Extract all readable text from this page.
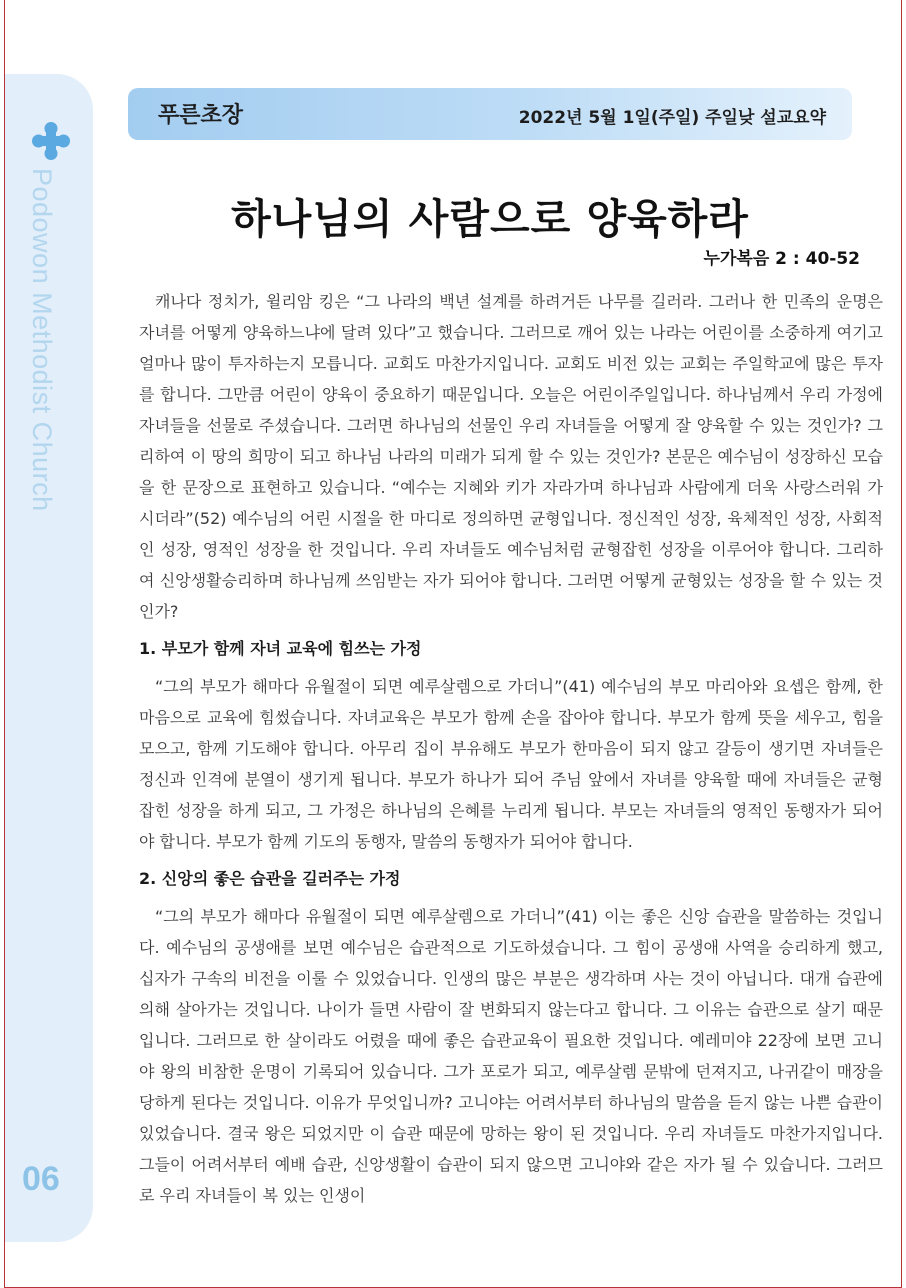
Podowon Methodist Church
06
푸른초장	2022년 5월 1일(주일) 주일낮 설교요약
하나님의 사람으로 양육하라
누가복음 2 : 40-52

캐나다 정치가, 윌리암 킹은 “그 나라의 백년 설계를 하려거든 나무를 길러라. 그러나 한 민족의 운명은 자녀를 어떻게 양육하느냐에 달려 있다”고 했습니다. 그러므로 깨어 있는 나라는 어린이를 소중하게 여기고 얼마나 많이 투자하는지 모릅니다. 교회도 마찬가지입니다. 교회도 비전 있는 교회는 주일학교에 많은 투자를 합니다. 그만큼 어린이 양육이 중요하기 때문입니다. 오늘은 어린이주일입니다. 하나님께서 우리 가정에 자녀들을 선물로 주셨습니다. 그러면 하나님의 선물인 우리 자녀들을 어떻게 잘 양육할 수 있는 것인가? 그리하여 이 땅의 희망이 되고 하나님 나라의 미래가 되게 할 수 있는 것인가? 본문은 예수님이 성장하신 모습을 한 문장으로 표현하고 있습니다. “예수는 지혜와 키가 자라가며 하나님과 사람에게 더욱 사랑스러워 가시더라”(52) 예수님의 어린 시절을 한 마디로 정의하면 균형입니다. 정신적인 성장, 육체적인 성장, 사회적인 성장, 영적인 성장을 한 것입니다. 우리 자녀들도 예수님처럼 균형잡힌 성장을 이루어야 합니다. 그리하여 신앙생활승리하며 하나님께 쓰임받는 자가 되어야 합니다. 그러면 어떻게 균형있는 성장을 할 수 있는 것인가?

1. 부모가 함께 자녀 교육에 힘쓰는 가정

“그의 부모가 해마다 유월절이 되면 예루살렘으로 가더니”(41) 예수님의 부모 마리아와 요셉은 함께, 한마음으로 교육에 힘썼습니다. 자녀교육은 부모가 함께 손을 잡아야 합니다. 부모가 함께 뜻을 세우고, 힘을 모으고, 함께 기도해야 합니다. 아무리 집이 부유해도 부모가 한마음이 되지 않고 갈등이 생기면 자녀들은 정신과 인격에 분열이 생기게 됩니다. 부모가 하나가 되어 주님 앞에서 자녀를 양육할 때에 자녀들은 균형 잡힌 성장을 하게 되고, 그 가정은 하나님의 은혜를 누리게 됩니다. 부모는 자녀들의 영적인 동행자가 되어야 합니다. 부모가 함께 기도의 동행자, 말씀의 동행자가 되어야 합니다.

2. 신앙의 좋은 습관을 길러주는 가정

“그의 부모가 해마다 유월절이 되면 예루살렘으로 가더니”(41) 이는 좋은 신앙 습관을 말씀하는 것입니다. 예수님의 공생애를 보면 예수님은 습관적으로 기도하셨습니다. 그 힘이 공생애 사역을 승리하게 했고, 십자가 구속의 비전을 이룰 수 있었습니다. 인생의 많은 부분은 생각하며 사는 것이 아닙니다. 대개 습관에 의해 살아가는 것입니다. 나이가 들면 사람이 잘 변화되지 않는다고 합니다. 그 이유는 습관으로 살기 때문입니다. 그러므로 한 살이라도 어렸을 때에 좋은 습관교육이 필요한 것입니다. 예레미야 22장에 보면 고니야 왕의 비참한 운명이 기록되어 있습니다. 그가 포로가 되고, 예루살렘 문밖에 던져지고, 나귀같이 매장을 당하게 된다는 것입니다. 이유가 무엇입니까? 고니야는 어려서부터 하나님의 말씀을 듣지 않는 나쁜 습관이 있었습니다. 결국 왕은 되었지만 이 습관 때문에 망하는 왕이 된 것입니다. 우리 자녀들도 마찬가지입니다. 그들이 어려서부터 예배 습관, 신앙생활이 습관이 되지 않으면 고니야와 같은 자가 될 수 있습니다. 그러므로 우리 자녀들이 복 있는 인생이
